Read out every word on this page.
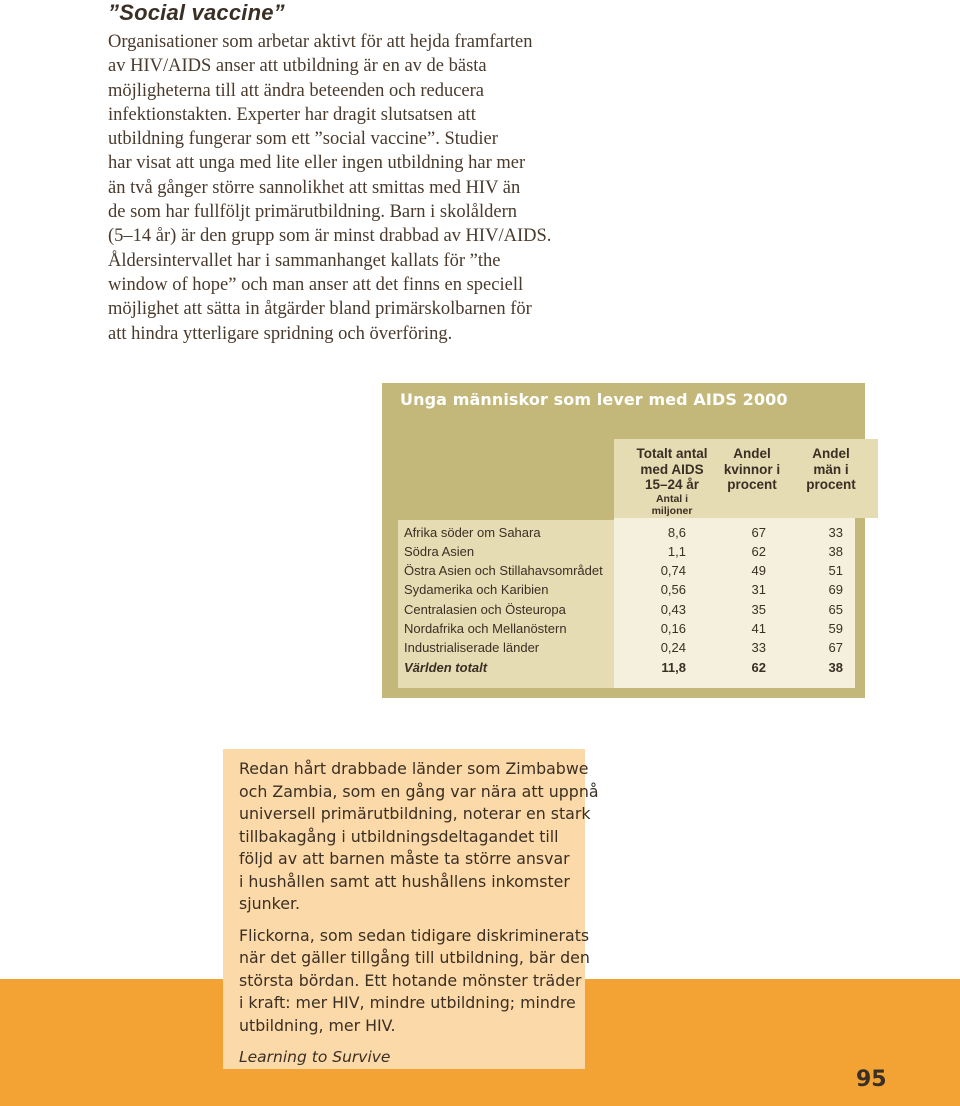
”Social vaccine”

Organisationer som arbetar aktivt för att hejda framfarten
av HIV/AIDS anser att utbildning är en av de bästa
möjligheterna till att ändra beteenden och reducera
infektionstakten. Experter har dragit slutsatsen att
utbildning fungerar som ett ”social vaccine”. Studier
har visat att unga med lite eller ingen utbildning har mer
än två gånger större sannolikhet att smittas med HIV än
de som har fullföljt primärutbildning. Barn i skolåldern
(5–14 år) är den grupp som är minst drabbad av HIV/AIDS.
Åldersintervallet har i sammanhanget kallats för ”the
window of hope” och man anser att det finns en speciell
möjlighet att sätta in åtgärder bland primärskolbarnen för
att hindra ytterligare spridning och överföring.

Unga människor som lever med AIDS 2000
Totalt antal
med AIDS
15–24 år
Antal i
miljoner
Andel
kvinnor i
procent
Andel
män i
procent
Afrika söder om Sahara	8,6	67	33
Södra Asien	1,1	62	38
Östra Asien och Stillahavsområdet	0,74	49	51
Sydamerika och Karibien	0,56	31	69
Centralasien och Östeuropa	0,43	35	65
Nordafrika och Mellanöstern	0,16	41	59
Industrialiserade länder	0,24	33	67
Världen totalt	11,8	62	38
Redan hårt drabbade länder som Zimbabwe
och Zambia, som en gång var nära att uppnå
universell primärutbildning, noterar en stark
tillbakagång i utbildningsdeltagandet till
följd av att barnen måste ta större ansvar
i hushållen samt att hushållens inkomster
sjunker.
Flickorna, som sedan tidigare diskriminerats
när det gäller tillgång till utbildning, bär den
största bördan. Ett hotande mönster träder
i kraft: mer HIV, mindre utbildning; mindre
utbildning, mer HIV.
Learning to Survive
95
